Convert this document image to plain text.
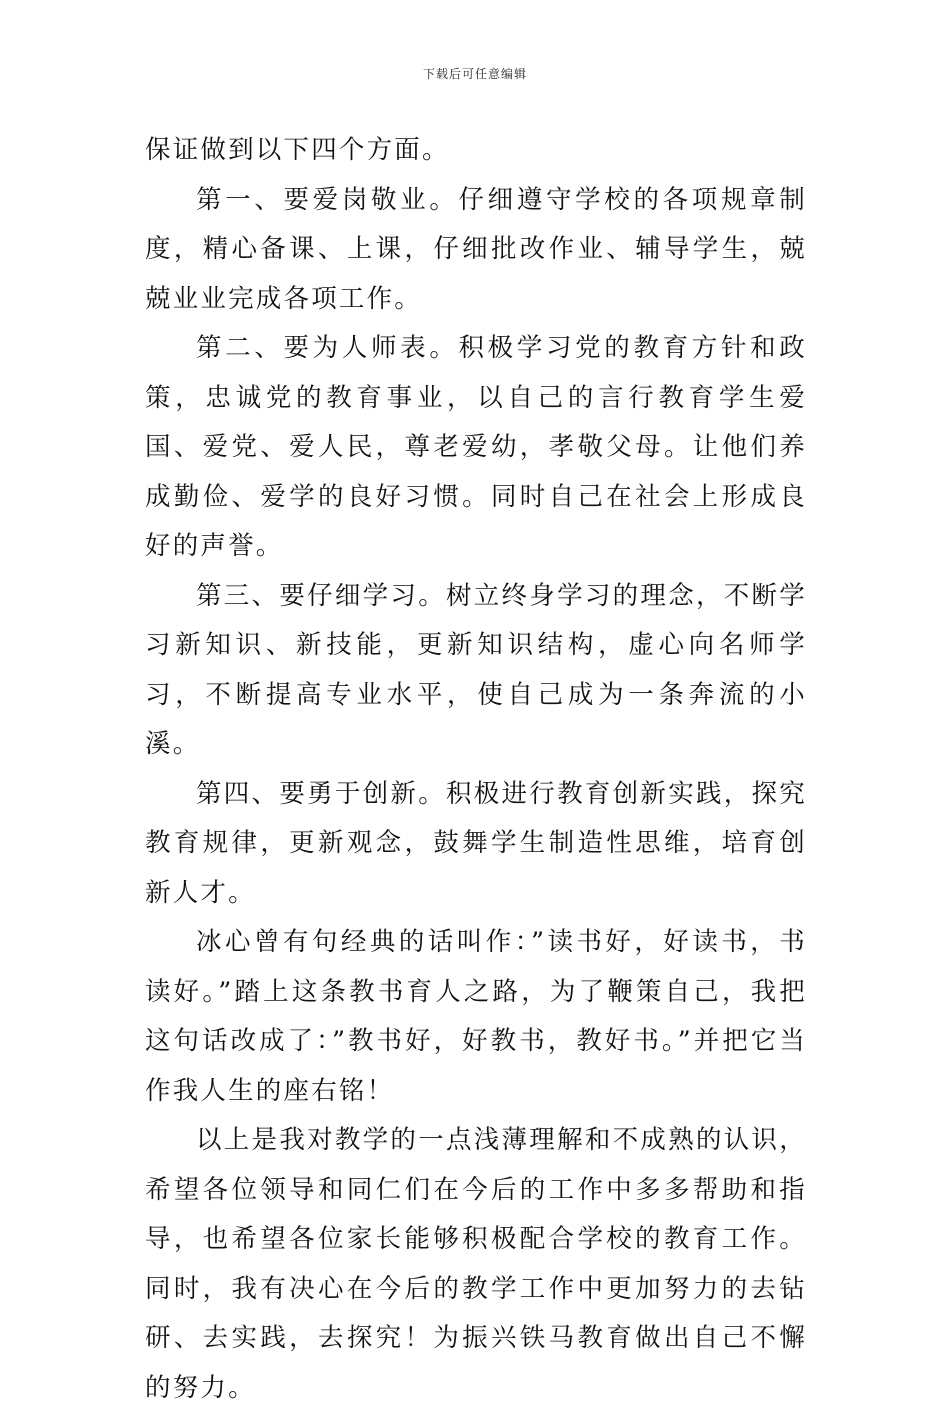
下载后可任意编辑

保证做到以下四个方面。

第一、要爱岗敬业。仔细遵守学校的各项规章制度，精心备课、上课，仔细批改作业、辅导学生，兢兢业业完成各项工作。

第二、要为人师表。积极学习党的教育方针和政策，忠诚党的教育事业，以自己的言行教育学生爱国、爱党、爱人民，尊老爱幼，孝敬父母。让他们养成勤俭、爱学的良好习惯。同时自己在社会上形成良好的声誉。

第三、要仔细学习。树立终身学习的理念，不断学习新知识、新技能，更新知识结构，虚心向名师学习，不断提高专业水平，使自己成为一条奔流的小溪。

第四、要勇于创新。积极进行教育创新实践，探究教育规律，更新观念，鼓舞学生制造性思维，培育创新人才。

冰心曾有句经典的话叫作：”读书好，好读书，书读好。”踏上这条教书育人之路，为了鞭策自己，我把这句话改成了：”教书好，好教书，教好书。”并把它当作我人生的座右铭！

以上是我对教学的一点浅薄理解和不成熟的认识，希望各位领导和同仁们在今后的工作中多多帮助和指导，也希望各位家长能够积极配合学校的教育工作。同时，我有决心在今后的教学工作中更加努力的去钻研、去实践，去探究！为振兴铁马教育做出自己不懈的努力。
